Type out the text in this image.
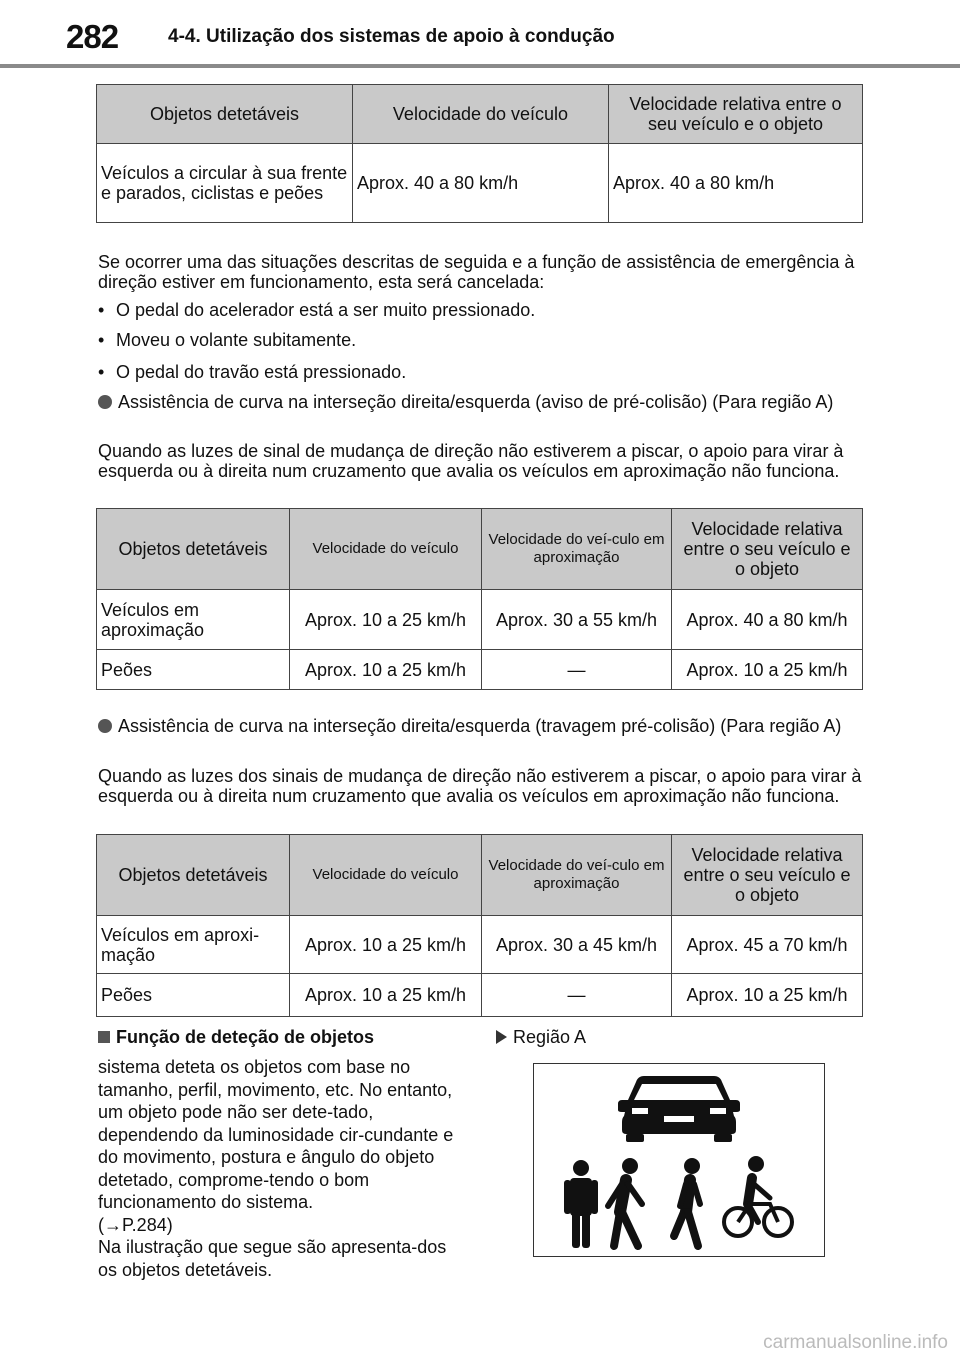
282	4-4. Utilização dos sistemas de apoio à condução
Objetos detetáveis	Velocidade do veículo	Velocidade relativa entre o seu veículo e o objeto
Veículos a circular à sua frente e parados, ciclistas e peões	Aprox. 40 a 80 km/h	Aprox. 40 a 80 km/h

Se ocorrer uma das situações descritas de seguida e a função de assistência de emergência à direção estiver em funcionamento, esta será cancelada:

• O pedal do acelerador está a ser muito pressionado.

• Moveu o volante subitamente.

• O pedal do travão está pressionado.

Assistência de curva na interseção direita/esquerda (aviso de pré-colisão) (Para região A)

Quando as luzes de sinal de mudança de direção não estiverem a piscar, o apoio para virar à esquerda ou à direita num cruzamento que avalia os veículos em aproximação não funciona.

Objetos detetáveis	Velocidade do veículo	Velocidade do veí-culo em aproximação	Velocidade relativa entre o seu veículo e o objeto
Veículos em aproximação	Aprox. 10 a 25 km/h	Aprox. 30 a 55 km/h	Aprox. 40 a 80 km/h
Peões	Aprox. 10 a 25 km/h	—	Aprox. 10 a 25 km/h

Assistência de curva na interseção direita/esquerda (travagem pré-colisão) (Para região A)

Quando as luzes dos sinais de mudança de direção não estiverem a piscar, o apoio para virar à esquerda ou à direita num cruzamento que avalia os veículos em aproximação não funciona.

Objetos detetáveis	Velocidade do veículo	Velocidade do veí-culo em aproximação	Velocidade relativa entre o seu veículo e o objeto
Veículos em aproxi-mação	Aprox. 10 a 25 km/h	Aprox. 30 a 45 km/h	Aprox. 45 a 70 km/h
Peões	Aprox. 10 a 25 km/h	—	Aprox. 10 a 25 km/h

Função de deteção de objetos

sistema deteta os objetos com base no tamanho, perfil, movimento, etc. No entanto, um objeto pode não ser dete-tado, dependendo da luminosidade cir-cundante e do movimento, postura e ângulo do objeto detetado, comprome-tendo o bom funcionamento do sistema.
(→P.284)
Na ilustração que segue são apresenta-dos os objetos detetáveis.

Região A

carmanualsonline.info
